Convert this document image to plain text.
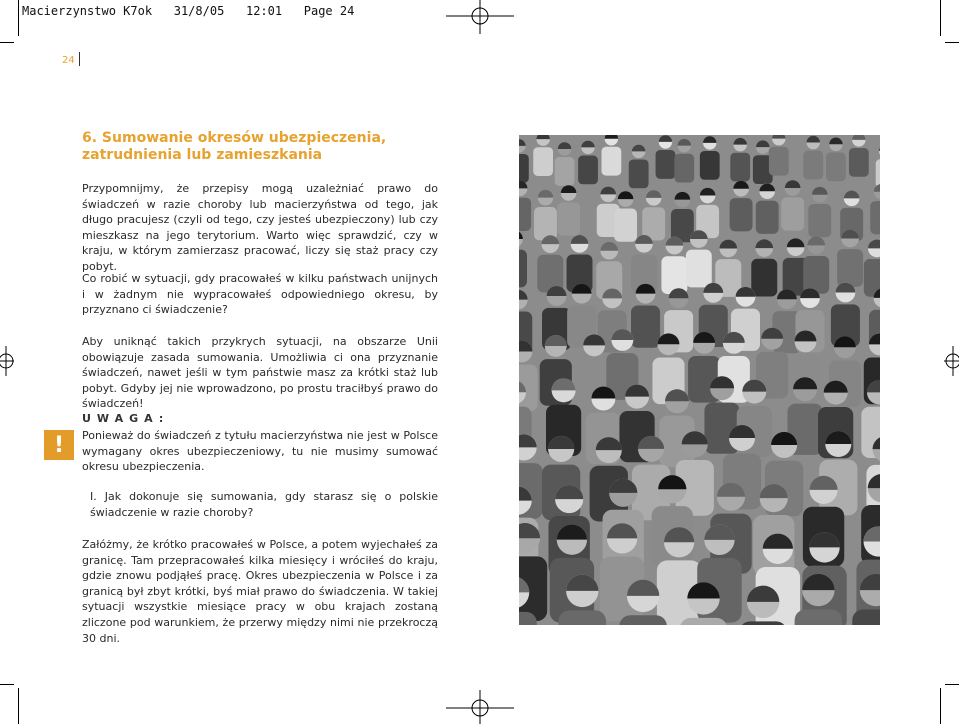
Macierzynstwo K7ok   31/8/05   12:01   Page 24
24
6. Sumowanie okresów ubezpieczenia, zatrudnienia lub zamieszkania

Przypomnijmy, że przepisy mogą uzależniać prawo do świadczeń w razie choroby lub macierzyństwa od tego, jak długo pracujesz (czyli od tego, czy jesteś ubezpieczony) lub czy mieszkasz na jego terytorium. Warto więc sprawdzić, czy w kraju, w którym zamierzasz pracować, liczy się staż pracy czy pobyt.

Co robić w sytuacji, gdy pracowałeś w kilku państwach unijnych i w żadnym nie wypracowałeś odpowiedniego okresu, by przyznano ci świadczenie?

Aby uniknąć takich przykrych sytuacji, na obszarze Unii obowiązuje zasada sumowania. Umożliwia ci ona przyznanie świadczeń, nawet jeśli w tym państwie masz za krótki staż lub pobyt. Gdyby jej nie wprowadzono, po prostu traciłbyś prawo do świadczeń!

!
UWAGA:

Ponieważ do świadczeń z tytułu macierzyństwa nie jest w Polsce wymagany okres ubezpieczeniowy, tu nie musimy sumować okresu ubezpieczenia.

I. Jak dokonuje się sumowania, gdy starasz się o polskie świadczenie w razie choroby?

Załóżmy, że krótko pracowałeś w Polsce, a potem wyjechałeś za granicę. Tam przepracowałeś kilka miesięcy i wróciłeś do kraju, gdzie znowu podjąłeś pracę. Okres ubezpieczenia w Polsce i za granicą był zbyt krótki, byś miał prawo do świadczenia. W takiej sytuacji wszystkie miesiące pracy w obu krajach zostaną zliczone pod warunkiem, że przerwy między nimi nie przekroczą 30 dni.
